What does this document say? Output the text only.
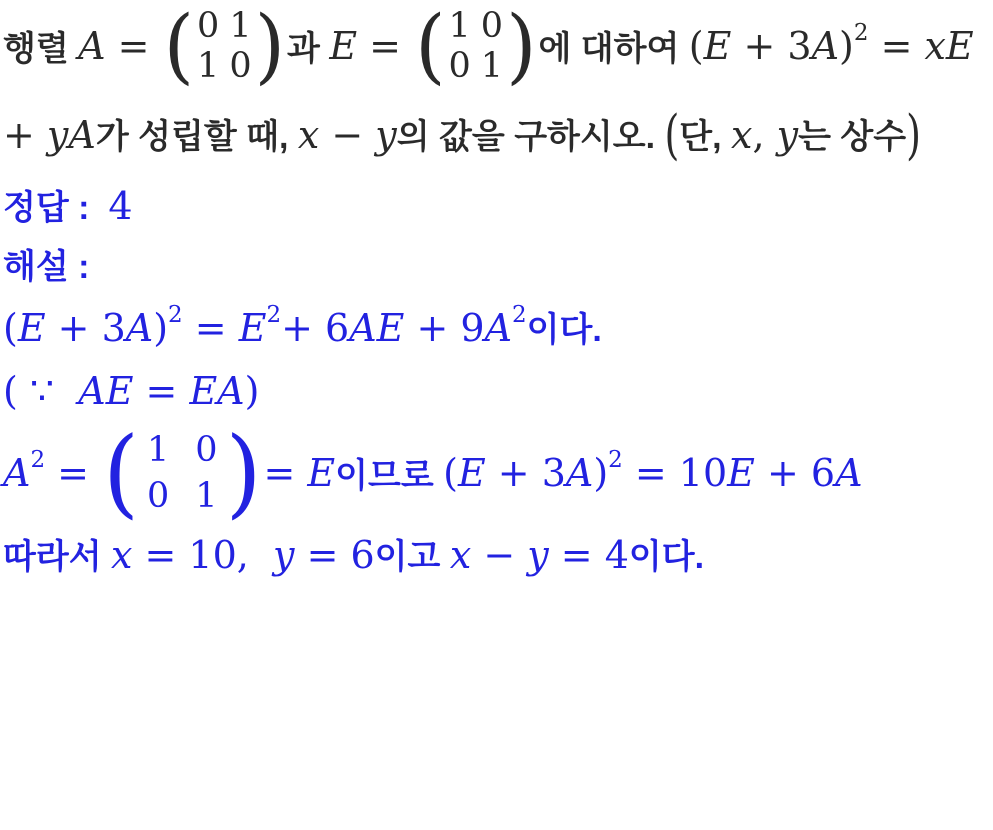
행렬 A = ( 0 1
1 0 ) 과 E = ( 1 0
0 1 ) 에 대하여 (E + 3A) 2 = xE
+ yA 가 성립할 때, x − y 의 값을 구하시오. ( 단, x, y 는 상수 )
정답 : 4
해설 :
(E + 3A) 2 = E 2 + 6AE + 9A 2 이다.
( ∵  AE = EA)
A 2 = ( 1 0
0 1 ) = E 이므로 (E + 3A) 2 = 10E + 6A
따라서 x = 10,  y = 6 이고 x − y = 4 이다.
